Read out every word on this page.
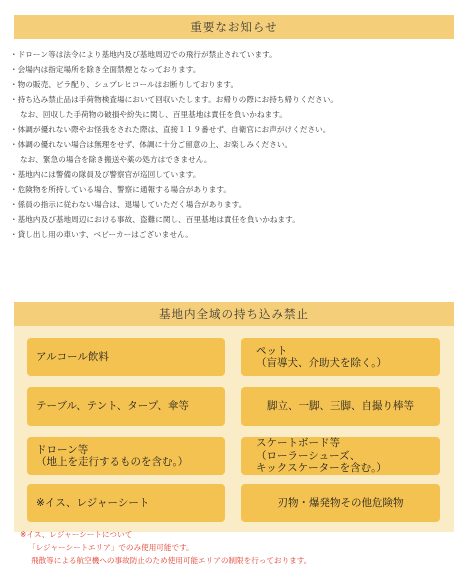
重要なお知らせ
・ドローン等は法令により基地内及び基地周辺での飛行が禁止されています。
・会場内は指定場所を除き全面禁煙となっております。
・物の販売、ビラ配り、シュプレヒコールはお断りしております。
・持ち込み禁止品は手荷物検査場において回収いたします。お帰りの際にお持ち帰りください。
なお、回収した手荷物の破損や紛失に関し、百里基地は責任を負いかねます。
・体調が優れない際やお怪我をされた際は、直接１１９番せず、自衛官にお声がけください。
・体調の優れない場合は無理をせず、体調に十分ご留意の上、お楽しみください。
なお、緊急の場合を除き搬送や薬の処方はできません。
・基地内には警備の隊員及び警察官が巡回しています。
・危険物を所持している場合、警察に通報する場合があります。
・係員の指示に従わない場合は、退場していただく場合があります。
・基地内及び基地周辺における事故、盗難に関し、百里基地は責任を負いかねます。
・貸し出し用の車いす、ベビーカーはございません。
基地内全域の持ち込み禁止
アルコール飲料
ペット
（盲導犬、介助犬を除く。）
テーブル、テント、タープ、傘等	脚立、一脚、三脚、自撮り棒等
ドローン等
（地上を走行するものを含む。）
スケートボード等
（ローラーシューズ、
キックスケーターを含む。）
※イス、レジャーシート	刃物・爆発物その他危険物
※イス、レジャーシートについて
「レジャーシートエリア」でのみ使用可能です。
飛散等による航空機への事故防止のため使用可能エリアの制限を行っております。
